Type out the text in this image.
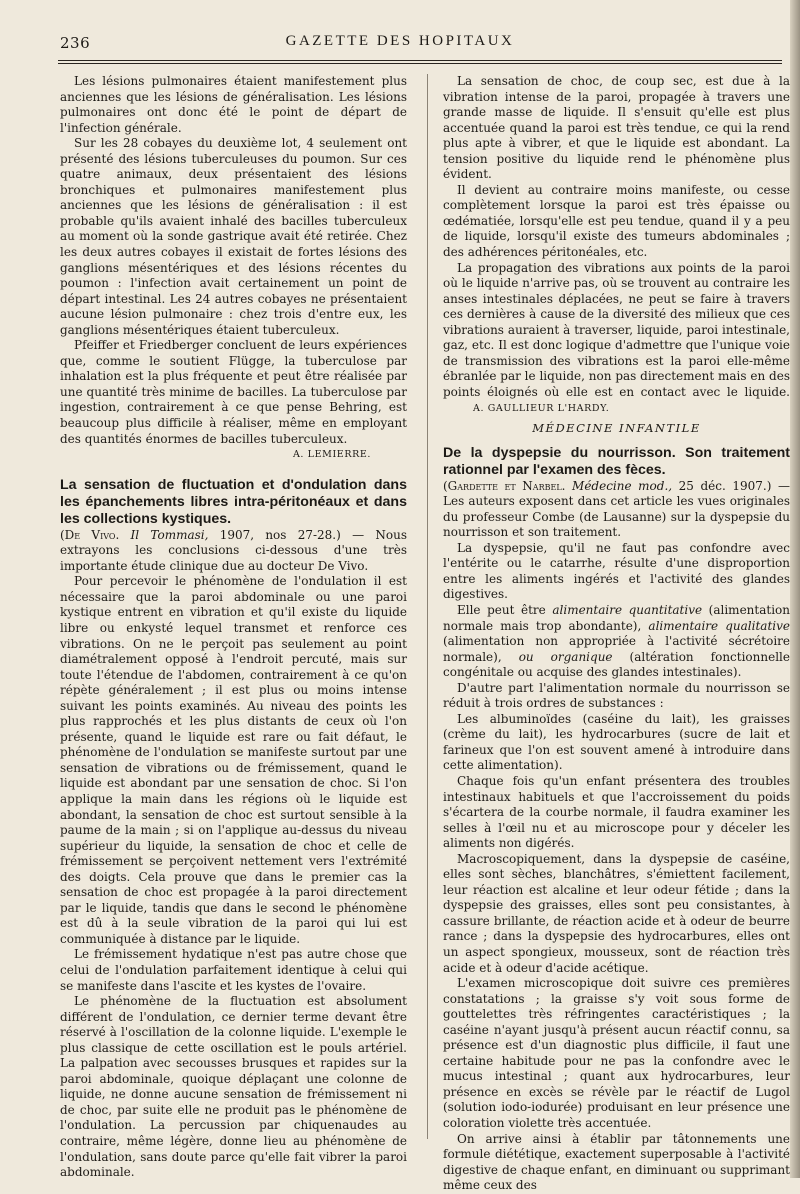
236	GAZETTE DES HOPITAUX

Les lésions pulmonaires étaient manifestement plus anciennes que les lésions de généralisation. Les lésions pulmonaires ont donc été le point de départ de l'infection générale.

Sur les 28 cobayes du deuxième lot, 4 seulement ont présenté des lésions tuberculeuses du poumon. Sur ces quatre animaux, deux présentaient des lésions bronchiques et pulmonaires manifestement plus anciennes que les lésions de généralisation : il est probable qu'ils avaient inhalé des bacilles tuberculeux au moment où la sonde gastrique avait été retirée. Chez les deux autres cobayes il existait de fortes lésions des ganglions mésentériques et des lésions récentes du poumon : l'infection avait certainement un point de départ intestinal. Les 24 autres cobayes ne présentaient aucune lésion pulmonaire : chez trois d'entre eux, les ganglions mésentériques étaient tuberculeux.

Pfeiffer et Friedberger concluent de leurs expériences que, comme le soutient Flügge, la tuberculose par inhalation est la plus fréquente et peut être réalisée par une quantité très minime de bacilles. La tuberculose par ingestion, contrairement à ce que pense Behring, est beaucoup plus difficile à réaliser, même en employant des quantités énormes de bacilles tuberculeux.

A. LEMIERRE.
La sensation de fluctuation et d'ondulation dans les épanchements libres intra-péritonéaux et dans les collections kystiques.

(De Vivo. Il Tommasi, 1907, nos 27-28.) — Nous extrayons les conclusions ci-dessous d'une très importante étude clinique due au docteur De Vivo.

Pour percevoir le phénomène de l'ondulation il est nécessaire que la paroi abdominale ou une paroi kystique entrent en vibration et qu'il existe du liquide libre ou enkysté lequel transmet et renforce ces vibrations. On ne le perçoit pas seulement au point diamétralement opposé à l'endroit percuté, mais sur toute l'étendue de l'abdomen, contrairement à ce qu'on répète généralement ; il est plus ou moins intense suivant les points examinés. Au niveau des points les plus rapprochés et les plus distants de ceux où l'on présente, quand le liquide est rare ou fait défaut, le phénomène de l'ondulation se manifeste surtout par une sensation de vibrations ou de frémissement, quand le liquide est abondant par une sensation de choc. Si l'on applique la main dans les régions où le liquide est abondant, la sensation de choc est surtout sensible à la paume de la main ; si on l'applique au-dessus du niveau supérieur du liquide, la sensation de choc et celle de frémissement se perçoivent nettement vers l'extrémité des doigts. Cela prouve que dans le premier cas la sensation de choc est propagée à la paroi directement par le liquide, tandis que dans le second le phénomène est dû à la seule vibration de la paroi qui lui est communiquée à distance par le liquide.

Le frémissement hydatique n'est pas autre chose que celui de l'ondulation parfaitement identique à celui qui se manifeste dans l'ascite et les kystes de l'ovaire.

Le phénomène de la fluctuation est absolument différent de l'ondulation, ce dernier terme devant être réservé à l'oscillation de la colonne liquide. L'exemple le plus classique de cette oscillation est le pouls artériel. La palpation avec secousses brusques et rapides sur la paroi abdominale, quoique déplaçant une colonne de liquide, ne donne aucune sensation de frémissement ni de choc, par suite elle ne produit pas le phénomène de l'ondulation. La percussion par chiquenaudes au contraire, même légère, donne lieu au phénomène de l'ondulation, sans doute parce qu'elle fait vibrer la paroi abdominale.

La sensation de choc, de coup sec, est due à la vibration intense de la paroi, propagée à travers une grande masse de liquide. Il s'ensuit qu'elle est plus accentuée quand la paroi est très tendue, ce qui la rend plus apte à vibrer, et que le liquide est abondant. La tension positive du liquide rend le phénomène plus évident.

Il devient au contraire moins manifeste, ou cesse complètement lorsque la paroi est très épaisse ou œdématiée, lorsqu'elle est peu tendue, quand il y a peu de liquide, lorsqu'il existe des tumeurs abdominales ; des adhérences péritonéales, etc.

La propagation des vibrations aux points de la paroi où le liquide n'arrive pas, où se trouvent au contraire les anses intestinales déplacées, ne peut se faire à travers ces dernières à cause de la diversité des milieux que ces vibrations auraient à traverser, liquide, paroi intestinale, gaz, etc. Il est donc logique d'admettre que l'unique voie de transmission des vibrations est la paroi elle-même ébranlée par le liquide, non pas directement mais en des points éloignés où elle est en contact avec le liquide. A. GAULLIEUR L'HARDY.

MÉDECINE INFANTILE
De la dyspepsie du nourrisson. Son traitement rationnel par l'examen des fèces.

(Gardette et Narbel. Médecine mod., 25 déc. 1907.) — Les auteurs exposent dans cet article les vues originales du professeur Combe (de Lausanne) sur la dyspepsie du nourrisson et son traitement.

La dyspepsie, qu'il ne faut pas confondre avec l'entérite ou le catarrhe, résulte d'une disproportion entre les aliments ingérés et l'activité des glandes digestives.

Elle peut être alimentaire quantitative (alimentation normale mais trop abondante), alimentaire qualitative (alimentation non appropriée à l'activité sécrétoire normale), ou organique (altération fonctionnelle congénitale ou acquise des glandes intestinales).

D'autre part l'alimentation normale du nourrisson se réduit à trois ordres de substances :

Les albuminoïdes (caséine du lait), les graisses (crème du lait), les hydrocarbures (sucre de lait et farineux que l'on est souvent amené à introduire dans cette alimentation).

Chaque fois qu'un enfant présentera des troubles intestinaux habituels et que l'accroissement du poids s'écartera de la courbe normale, il faudra examiner les selles à l'œil nu et au microscope pour y déceler les aliments non digérés.

Macroscopiquement, dans la dyspepsie de caséine, elles sont sèches, blanchâtres, s'émiettent facilement, leur réaction est alcaline et leur odeur fétide ; dans la dyspepsie des graisses, elles sont peu consistantes, à cassure brillante, de réaction acide et à odeur de beurre rance ; dans la dyspepsie des hydrocarbures, elles ont un aspect spongieux, mousseux, sont de réaction très acide et à odeur d'acide acétique.

L'examen microscopique doit suivre ces premières constatations ; la graisse s'y voit sous forme de gouttelettes très réfringentes caractéristiques ; la caséine n'ayant jusqu'à présent aucun réactif connu, sa présence est d'un diagnostic plus difficile, il faut une certaine habitude pour ne pas la confondre avec le mucus intestinal ; quant aux hydrocarbures, leur présence en excès se révèle par le réactif de Lugol (solution iodo-iodurée) produisant en leur présence une coloration violette très accentuée.

On arrive ainsi à établir par tâtonnements une formule diététique, exactement superposable à l'activité digestive de chaque enfant, en diminuant ou supprimant même ceux des
